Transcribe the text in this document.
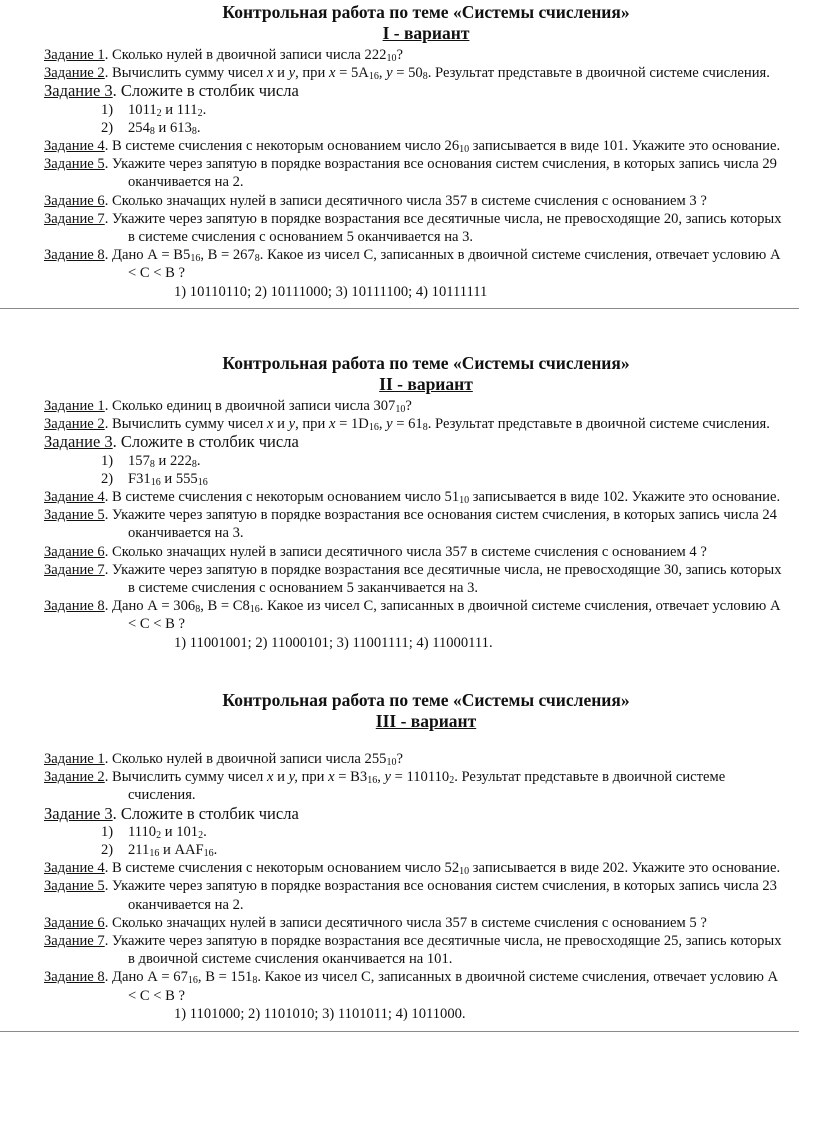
Контрольная работа по теме «Системы счисления»

I - вариант

Задание 1. Сколько нулей в двоичной записи числа $222_{10}$?

Задание 2. Вычислить сумму чисел x и y, при $x = 5A_{16}$, $y = 50_8$. Результат представьте в двоичной системе счисления.

Задание 3. Сложите в столбик числа

1) $1011_2$ и $111_2$.

2) $254_8$ и $613_8$.

Задание 4. В системе счисления с некоторым основанием число $26_{10}$ записывается в виде 101. Укажите это основание.

Задание 5. Укажите через запятую в порядке возрастания все основания систем счисления, в которых запись числа 29
оканчивается на 2.

Задание 6. Сколько значащих нулей в записи десятичного числа 357 в системе счисления с основанием 3 ?

Задание 7. Укажите через запятую в порядке возрастания все десятичные числа, не превосходящие 20, запись которых
в системе счисления с основанием 5 оканчивается на 3.

Задание 8. Дано $А = B5_{16}$, $B = 267_8$. Какое из чисел С, записанных в двоичной системе счисления, отвечает условию А
< C < B ?

1) 10110110; 2) 10111000; 3) 10111100; 4) 10111111

Контрольная работа по теме «Системы счисления»

II - вариант

Задание 1. Сколько единиц в двоичной записи числа $307_{10}$?

Задание 2. Вычислить сумму чисел x и y, при $x = 1D_{16}$, $y = 61_8$. Результат представьте в двоичной системе счисления.

Задание 3. Сложите в столбик числа

1) $157_8$ и $222_8$.

2) $F31_{16}$ и $555_{16}$

Задание 4. В системе счисления с некоторым основанием число $51_{10}$ записывается в виде 102. Укажите это основание.

Задание 5. Укажите через запятую в порядке возрастания все основания систем счисления, в которых запись числа 24
оканчивается на 3.

Задание 6. Сколько значащих нулей в записи десятичного числа 357 в системе счисления с основанием 4 ?

Задание 7. Укажите через запятую в порядке возрастания все десятичные числа, не превосходящие 30, запись которых
в системе счисления с основанием 5 заканчивается на 3.

Задание 8. Дано $А = 306_8$, $B = C8_{16}$. Какое из чисел С, записанных в двоичной системе счисления, отвечает условию А
< C < B ?

1) 11001001; 2) 11000101; 3) 11001111; 4) 11000111.

Контрольная работа по теме «Системы счисления»

III - вариант

Задание 1. Сколько нулей в двоичной записи числа $255_{10}$?

Задание 2. Вычислить сумму чисел x и y, при $x = B3_{16}$, $y = 110110_2$. Результат представьте в двоичной системе
счисления.

Задание 3. Сложите в столбик числа

1) $1110_2$ и $101_2$.

2) $211_{16}$ и $AAF_{16}$.

Задание 4. В системе счисления с некоторым основанием число $52_{10}$ записывается в виде 202. Укажите это основание.

Задание 5. Укажите через запятую в порядке возрастания все основания систем счисления, в которых запись числа 23
оканчивается на 2.

Задание 6. Сколько значащих нулей в записи десятичного числа 357 в системе счисления с основанием 5 ?

Задание 7. Укажите через запятую в порядке возрастания все десятичные числа, не превосходящие 25, запись которых
в двоичной системе счисления оканчивается на 101.

Задание 8. Дано $А = 67_{16}$, $B = 151_8$. Какое из чисел С, записанных в двоичной системе счисления, отвечает условию А
< C < B ?

1) 1101000; 2) 1101010; 3) 1101011; 4) 1011000.
